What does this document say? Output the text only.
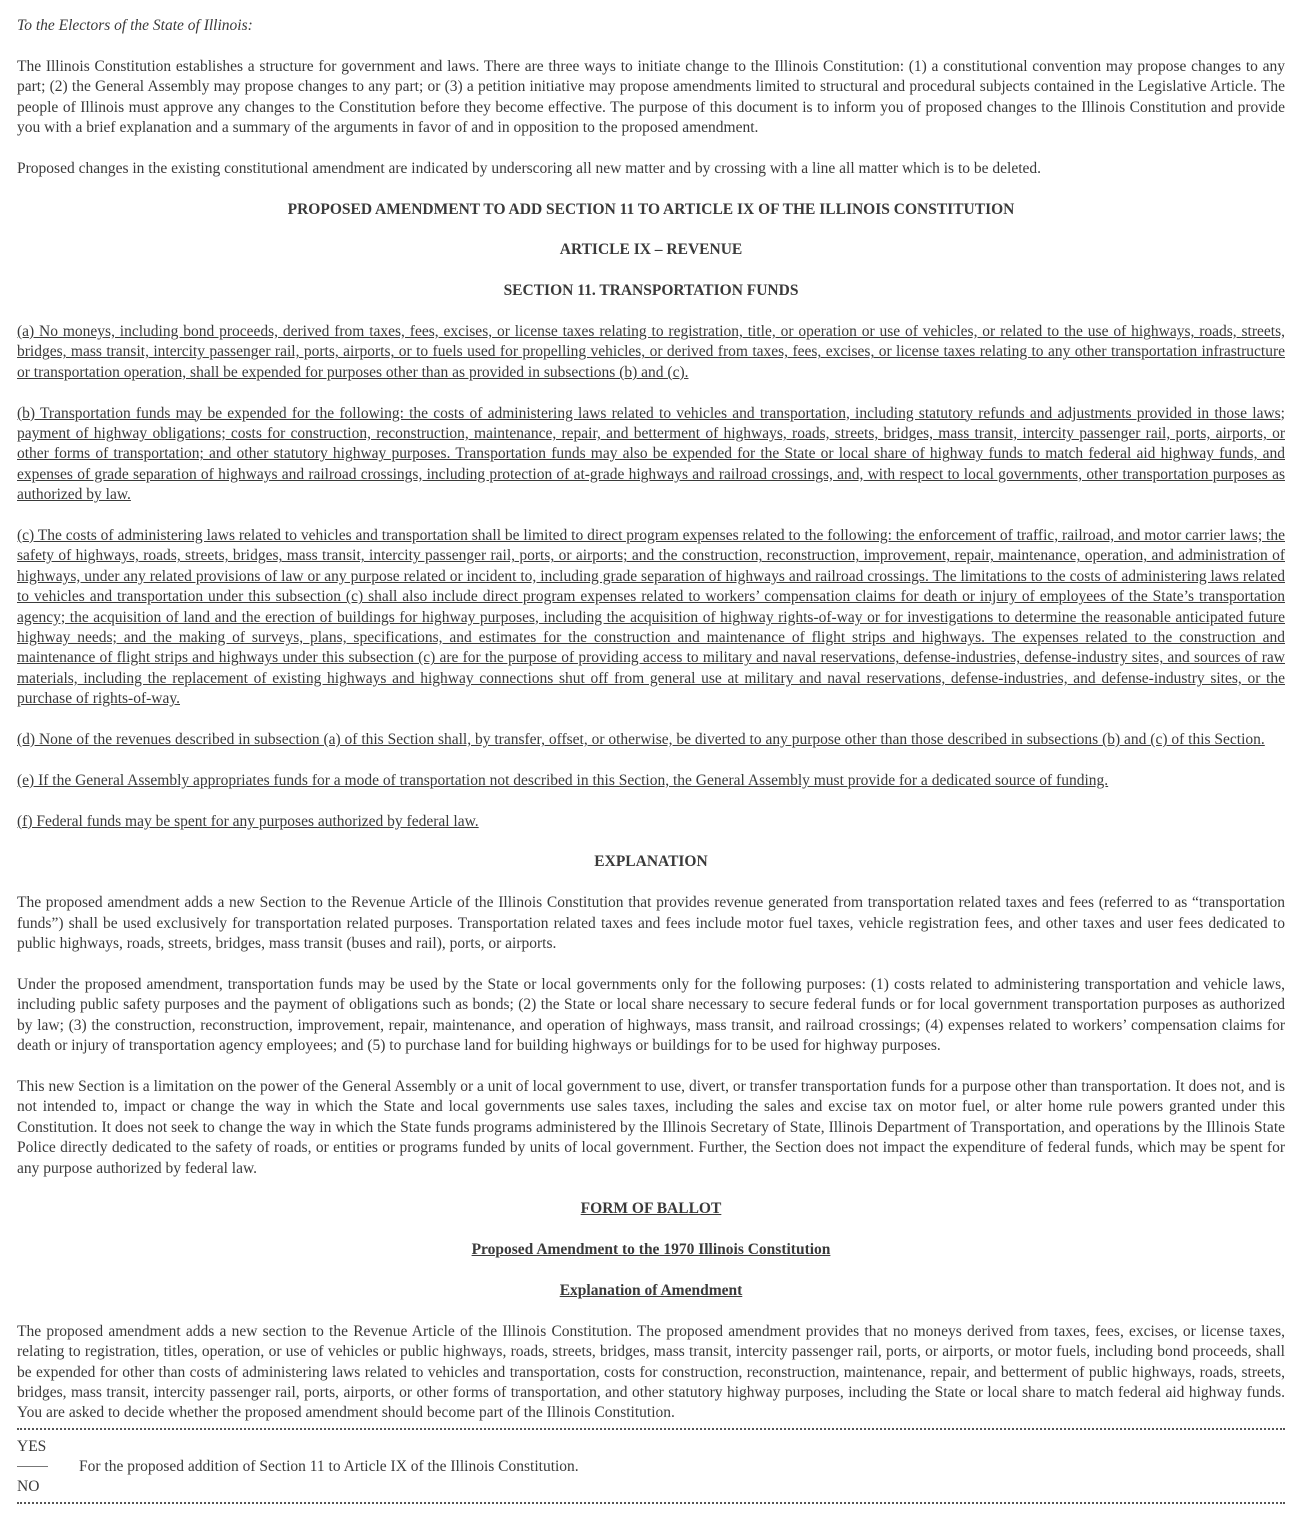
To the Electors of the State of Illinois:

The Illinois Constitution establishes a structure for government and laws. There are three ways to initiate change to the Illinois Constitution: (1) a constitutional convention may propose changes to any part; (2) the General Assembly may propose changes to any part; or (3) a petition initiative may propose amendments limited to structural and procedural subjects contained in the Legislative Article. The people of Illinois must approve any changes to the Constitution before they become effective. The purpose of this document is to inform you of proposed changes to the Illinois Constitution and provide you with a brief explanation and a summary of the arguments in favor of and in opposition to the proposed amendment.

Proposed changes in the existing constitutional amendment are indicated by underscoring all new matter and by crossing with a line all matter which is to be deleted.

PROPOSED AMENDMENT TO ADD SECTION 11 TO ARTICLE IX OF THE ILLINOIS CONSTITUTION

ARTICLE IX – REVENUE

SECTION 11. TRANSPORTATION FUNDS

(a) No moneys, including bond proceeds, derived from taxes, fees, excises, or license taxes relating to registration, title, or operation or use of vehicles, or related to the use of highways, roads, streets, bridges, mass transit, intercity passenger rail, ports, airports, or to fuels used for propelling vehicles, or derived from taxes, fees, excises, or license taxes relating to any other transportation infrastructure or transportation operation, shall be expended for purposes other than as provided in subsections (b) and (c).

(b) Transportation funds may be expended for the following: the costs of administering laws related to vehicles and transportation, including statutory refunds and adjustments provided in those laws; payment of highway obligations; costs for construction, reconstruction, maintenance, repair, and betterment of highways, roads, streets, bridges, mass transit, intercity passenger rail, ports, airports, or other forms of transportation; and other statutory highway purposes. Transportation funds may also be expended for the State or local share of highway funds to match federal aid highway funds, and expenses of grade separation of highways and railroad crossings, including protection of at-grade highways and railroad crossings, and, with respect to local governments, other transportation purposes as authorized by law.

(c) The costs of administering laws related to vehicles and transportation shall be limited to direct program expenses related to the following: the enforcement of traffic, railroad, and motor carrier laws; the safety of highways, roads, streets, bridges, mass transit, intercity passenger rail, ports, or airports; and the construction, reconstruction, improvement, repair, maintenance, operation, and administration of highways, under any related provisions of law or any purpose related or incident to, including grade separation of highways and railroad crossings. The limitations to the costs of administering laws related to vehicles and transportation under this subsection (c) shall also include direct program expenses related to workers’ compensation claims for death or injury of employees of the State’s transportation agency; the acquisition of land and the erection of buildings for highway purposes, including the acquisition of highway rights-of-way or for investigations to determine the reasonable anticipated future highway needs; and the making of surveys, plans, specifications, and estimates for the construction and maintenance of flight strips and highways. The expenses related to the construction and maintenance of flight strips and highways under this subsection (c) are for the purpose of providing access to military and naval reservations, defense-industries, defense-industry sites, and sources of raw materials, including the replacement of existing highways and highway connections shut off from general use at military and naval reservations, defense-industries, and defense-industry sites, or the purchase of rights-of-way.

(d) None of the revenues described in subsection (a) of this Section shall, by transfer, offset, or otherwise, be diverted to any purpose other than those described in subsections (b) and (c) of this Section.

(e) If the General Assembly appropriates funds for a mode of transportation not described in this Section, the General Assembly must provide for a dedicated source of funding.

(f) Federal funds may be spent for any purposes authorized by federal law.

EXPLANATION

The proposed amendment adds a new Section to the Revenue Article of the Illinois Constitution that provides revenue generated from transportation related taxes and fees (referred to as “transportation funds”) shall be used exclusively for transportation related purposes. Transportation related taxes and fees include motor fuel taxes, vehicle registration fees, and other taxes and user fees dedicated to public highways, roads, streets, bridges, mass transit (buses and rail), ports, or airports.

Under the proposed amendment, transportation funds may be used by the State or local governments only for the following purposes: (1) costs related to administering transportation and vehicle laws, including public safety purposes and the payment of obligations such as bonds; (2) the State or local share necessary to secure federal funds or for local government transportation purposes as authorized by law; (3) the construction, reconstruction, improvement, repair, maintenance, and operation of highways, mass transit, and railroad crossings; (4) expenses related to workers’ compensation claims for death or injury of transportation agency employees; and (5) to purchase land for building highways or buildings for to be used for highway purposes.

This new Section is a limitation on the power of the General Assembly or a unit of local government to use, divert, or transfer transportation funds for a purpose other than transportation. It does not, and is not intended to, impact or change the way in which the State and local governments use sales taxes, including the sales and excise tax on motor fuel, or alter home rule powers granted under this Constitution. It does not seek to change the way in which the State funds programs administered by the Illinois Secretary of State, Illinois Department of Transportation, and operations by the Illinois State Police directly dedicated to the safety of roads, or entities or programs funded by units of local government. Further, the Section does not impact the expenditure of federal funds, which may be spent for any purpose authorized by federal law.

FORM OF BALLOT

Proposed Amendment to the 1970 Illinois Constitution

Explanation of Amendment

The proposed amendment adds a new section to the Revenue Article of the Illinois Constitution. The proposed amendment provides that no moneys derived from taxes, fees, excises, or license taxes, relating to registration, titles, operation, or use of vehicles or public highways, roads, streets, bridges, mass transit, intercity passenger rail, ports, or airports, or motor fuels, including bond proceeds, shall be expended for other than costs of administering laws related to vehicles and transportation, costs for construction, reconstruction, maintenance, repair, and betterment of public highways, roads, streets, bridges, mass transit, intercity passenger rail, ports, airports, or other forms of transportation, and other statutory highway purposes, including the State or local share to match federal aid highway funds. You are asked to decide whether the proposed amendment should become part of the Illinois Constitution.

YES
For the proposed addition of Section 11 to Article IX of the Illinois Constitution.
NO
